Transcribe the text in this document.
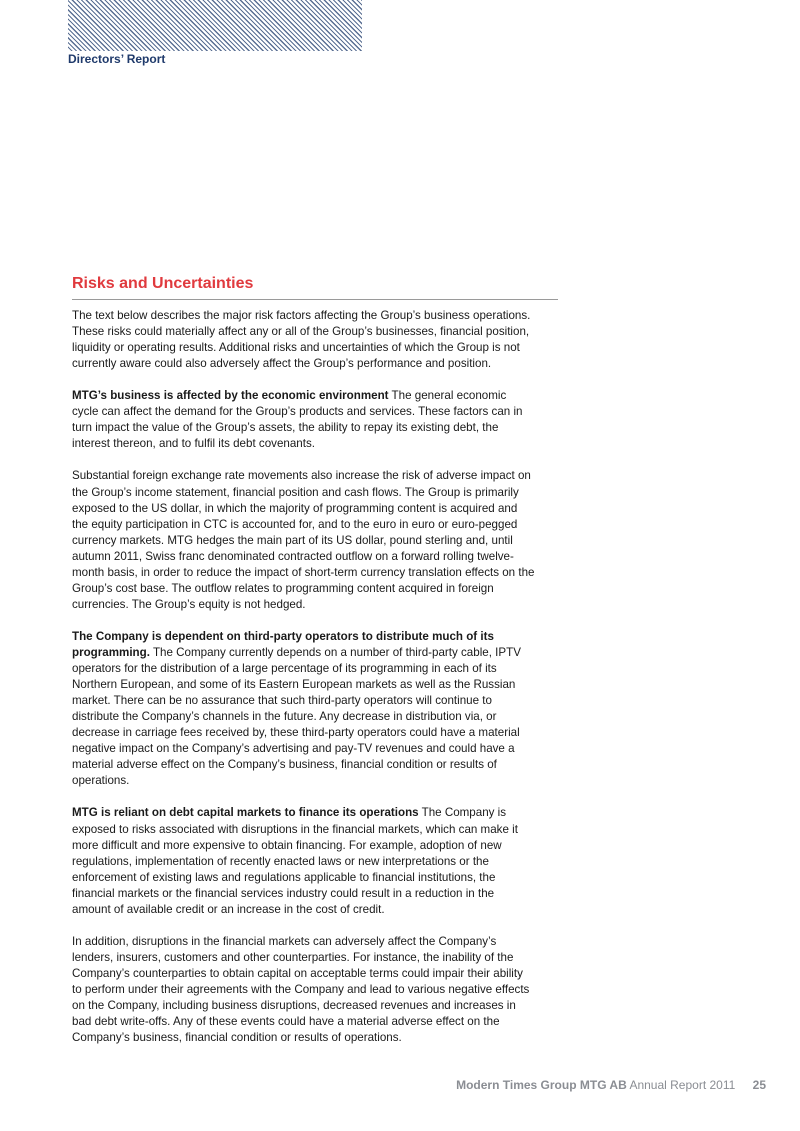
Directors’ Report
Risks and Uncertainties
The text below describes the major risk factors affecting the Group’s business operations.
These risks could materially affect any or all of the Group’s businesses, financial position,
liquidity or operating results. Additional risks and uncertainties of which the Group is not
currently aware could also adversely affect the Group’s performance and position.
MTG’s business is affected by the economic environment The general economic
cycle can affect the demand for the Group’s products and services. These factors can in
turn impact the value of the Group’s assets, the ability to repay its existing debt, the
interest thereon, and to fulfil its debt covenants.
Substantial foreign exchange rate movements also increase the risk of adverse impact on
the Group’s income statement, financial position and cash flows. The Group is primarily
exposed to the US dollar, in which the majority of programming content is acquired and
the equity participation in CTC is accounted for, and to the euro in euro or euro-pegged
currency markets. MTG hedges the main part of its US dollar, pound sterling and, until
autumn 2011, Swiss franc denominated contracted outflow on a forward rolling twelve-
month basis, in order to reduce the impact of short-term currency translation effects on the
Group’s cost base. The outflow relates to programming content acquired in foreign
currencies. The Group’s equity is not hedged.
The Company is dependent on third-party operators to distribute much of its
programming. The Company currently depends on a number of third-party cable, IPTV
operators for the distribution of a large percentage of its programming in each of its
Northern European, and some of its Eastern European markets as well as the Russian
market. There can be no assurance that such third-party operators will continue to
distribute the Company’s channels in the future. Any decrease in distribution via, or
decrease in carriage fees received by, these third-party operators could have a material
negative impact on the Company’s advertising and pay-TV revenues and could have a
material adverse effect on the Company’s business, financial condition or results of
operations.
MTG is reliant on debt capital markets to finance its operations The Company is
exposed to risks associated with disruptions in the financial markets, which can make it
more difficult and more expensive to obtain financing. For example, adoption of new
regulations, implementation of recently enacted laws or new interpretations or the
enforcement of existing laws and regulations applicable to financial institutions, the
financial markets or the financial services industry could result in a reduction in the
amount of available credit or an increase in the cost of credit.
In addition, disruptions in the financial markets can adversely affect the Company’s
lenders, insurers, customers and other counterparties. For instance, the inability of the
Company’s counterparties to obtain capital on acceptable terms could impair their ability
to perform under their agreements with the Company and lead to various negative effects
on the Company, including business disruptions, decreased revenues and increases in
bad debt write-offs. Any of these events could have a material adverse effect on the
Company’s business, financial condition or results of operations.
Modern Times Group MTG AB Annual Report 2011 25
